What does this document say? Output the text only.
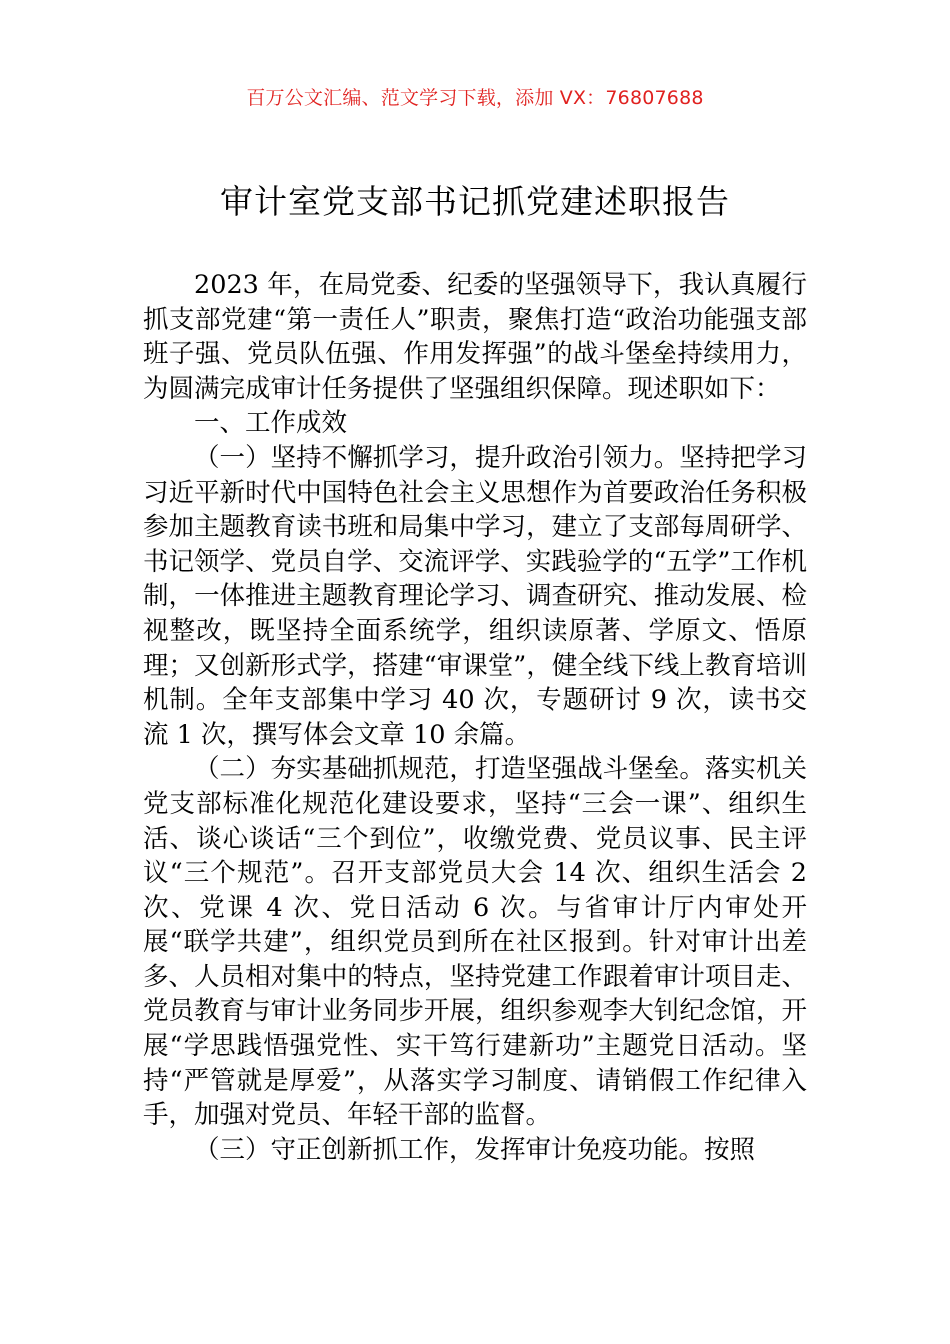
百万公文汇编、范文学习下载，添加 VX：76807688
审计室党支部书记抓党建述职报告

2023 年，在局党委、纪委的坚强领导下，我认真履行抓支部党建“第一责任人”职责，聚焦打造“政治功能强支部班子强、党员队伍强、作用发挥强”的战斗堡垒持续用力，为圆满完成审计任务提供了坚强组织保障。现述职如下：

一、工作成效

（一）坚持不懈抓学习，提升政治引领力。坚持把学习习近平新时代中国特色社会主义思想作为首要政治任务积极参加主题教育读书班和局集中学习，建立了支部每周研学、书记领学、党员自学、交流评学、实践验学的“五学”工作机制，一体推进主题教育理论学习、调查研究、推动发展、检视整改，既坚持全面系统学，组织读原著、学原文、悟原理；又创新形式学，搭建“审课堂”，健全线下线上教育培训机制。全年支部集中学习 40 次，专题研讨 9 次，读书交流 1 次，撰写体会文章 10 余篇。

（二）夯实基础抓规范，打造坚强战斗堡垒。落实机关党支部标准化规范化建设要求，坚持“三会一课”、组织生活、谈心谈话“三个到位”，收缴党费、党员议事、民主评议“三个规范”。召开支部党员大会 14 次、组织生活会 2 次、党课 4 次、党日活动 6 次。与省审计厅内审处开展“联学共建”，组织党员到所在社区报到。针对审计出差多、人员相对集中的特点，坚持党建工作跟着审计项目走、党员教育与审计业务同步开展，组织参观李大钊纪念馆，开展“学思践悟强党性、实干笃行建新功”主题党日活动。坚持“严管就是厚爱”，从落实学习制度、请销假工作纪律入手，加强对党员、年轻干部的监督。

（三）守正创新抓工作，发挥审计免疫功能。按照
